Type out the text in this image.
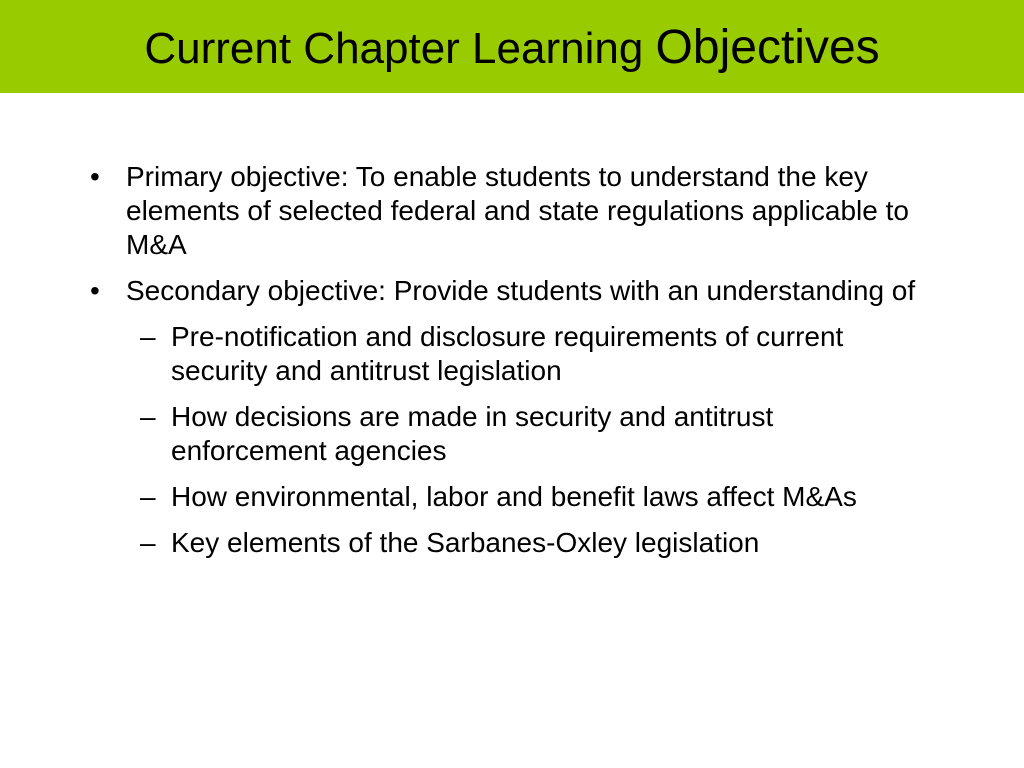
Current Chapter Learning Objectives
• Primary objective: To enable students to understand the key elements of selected federal and state regulations applicable to M&A
• Secondary objective: Provide students with an understanding of
– Pre-notification and disclosure requirements of current security and antitrust legislation
– How decisions are made in security and antitrust enforcement agencies
– How environmental, labor and benefit laws affect M&As
– Key elements of the Sarbanes-Oxley legislation
